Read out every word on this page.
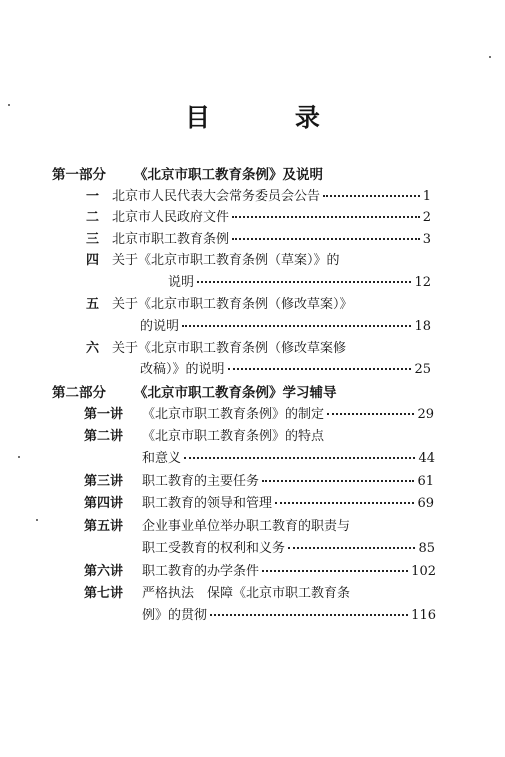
目 录
第一部分 《北京市职工教育条例》及说明
一 北京市人民代表大会常务委员会公告	1
二 北京市人民政府文件	2
三 北京市职工教育条例	3
四 关于《北京市职工教育条例（草案）》的
说明	12
五 关于《北京市职工教育条例（修改草案）》
的说明	18
六 关于《北京市职工教育条例（修改草案修
改稿）》的说明	25
第二部分 《北京市职工教育条例》学习辅导
第一讲	《北京市职工教育条例》的制定	29
第二讲	《北京市职工教育条例》的特点
和意义	44
第三讲	职工教育的主要任务	61
第四讲	职工教育的领导和管理	69
第五讲	企业事业单位举办职工教育的职责与
职工受教育的权利和义务	85
第六讲	职工教育的办学条件	102
第七讲	严格执法　保障《北京市职工教育条
例》的贯彻	116
